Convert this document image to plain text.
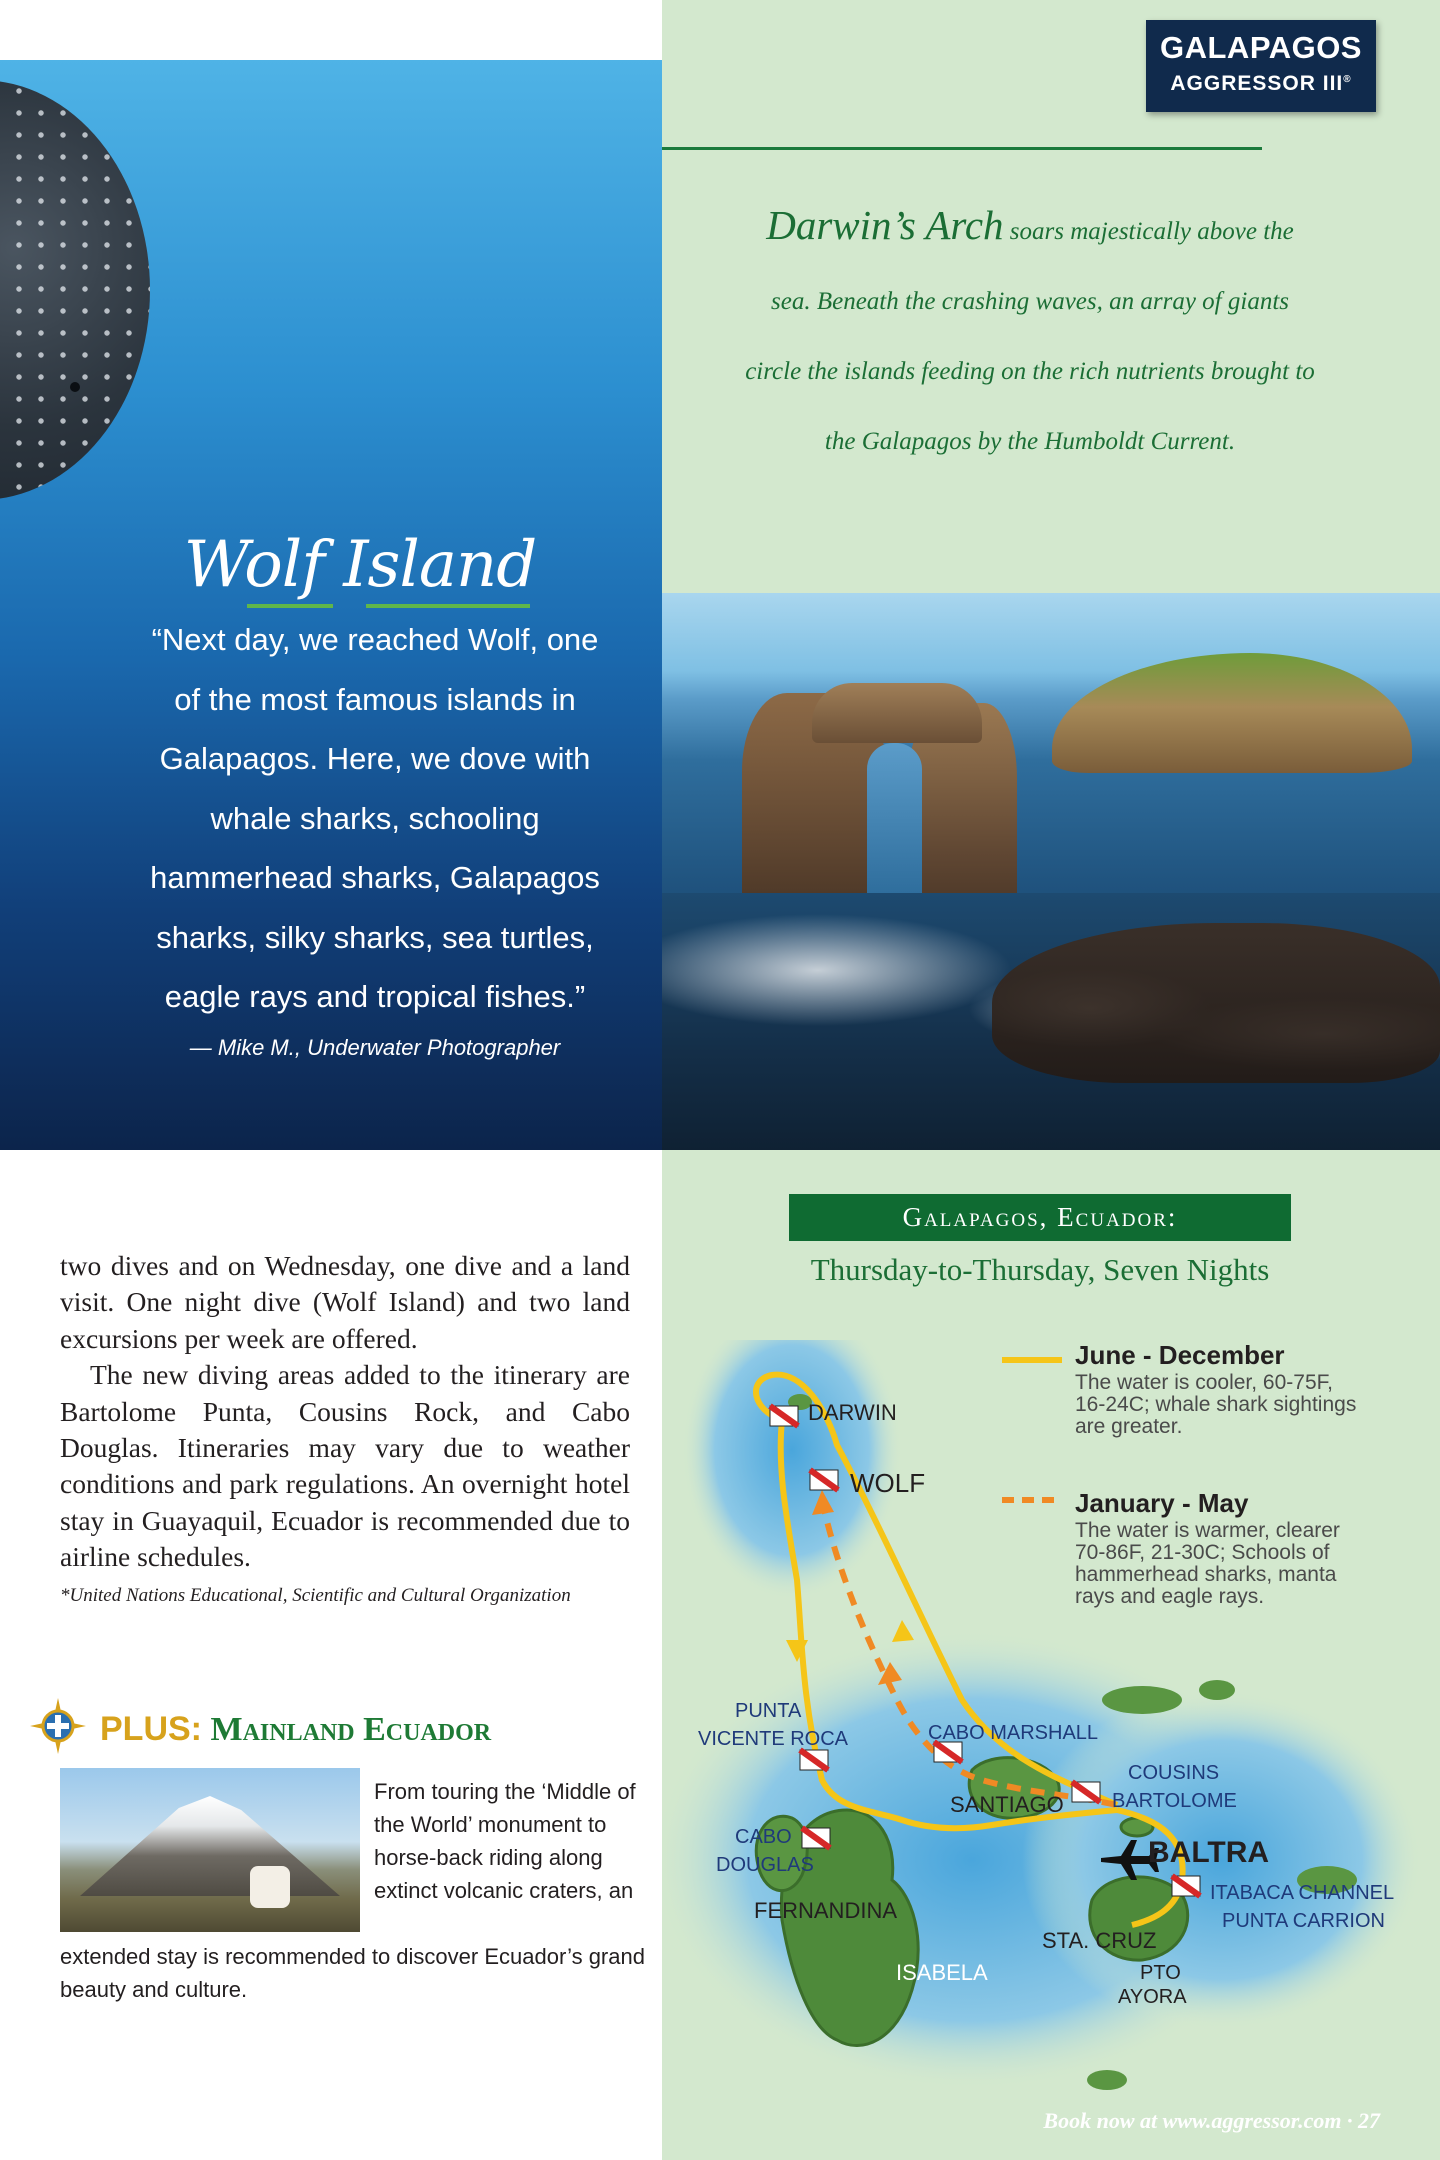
Wolf Island
“Next day, we reached Wolf, one of the most famous islands in Galapagos. Here, we dove with whale sharks, schooling hammerhead sharks, Galapagos sharks, silky sharks, sea turtles, eagle rays and tropical fishes.”
— Mike M., Underwater Photographer
GALAPAGOS
AGGRESSOR III®
Darwin’s Arch soars majestically above the sea. Beneath the crashing waves, an array of giants circle the islands feeding on the rich nutrients brought to the Galapagos by the Humboldt Current.

two dives and on Wednesday, one dive and a land visit. One night dive (Wolf Island) and two land excursions per week are offered.

The new diving areas added to the itinerary are Bartolome Punta, Cousins Rock, and Cabo Douglas. Itineraries may vary due to weather conditions and park regulations. An overnight hotel stay in Guayaquil, Ecuador is recommended due to airline schedules.

*United Nations Educational, Scientific and Cultural Organization
PLUS: Mainland Ecuador
From touring the ‘Middle of the World’ monument to horse-back riding along extinct volcanic craters, an
extended stay is recommended to discover Ecuador’s grand beauty and culture.
Galapagos, Ecuador:
Thursday-to-Thursday, Seven Nights
June - December
The water is cooler, 60-75F, 16-24C; whale shark sightings are greater.
January - May
The water is warmer, clearer 70-86F, 21-30C; Schools of hammerhead sharks, manta rays and eagle rays.
DARWIN
WOLF
PUNTA
VICENTE ROCA	CABO MARSHALL
COUSINS
BARTOLOME
SANTIAGO
BALTRA
CABO
DOUGLAS
FERNANDINA
ITABACA CHANNEL
PUNTA CARRION
STA. CRUZ
ISABELA	PTO
AYORA
Book now at www.aggressor.com · 27
